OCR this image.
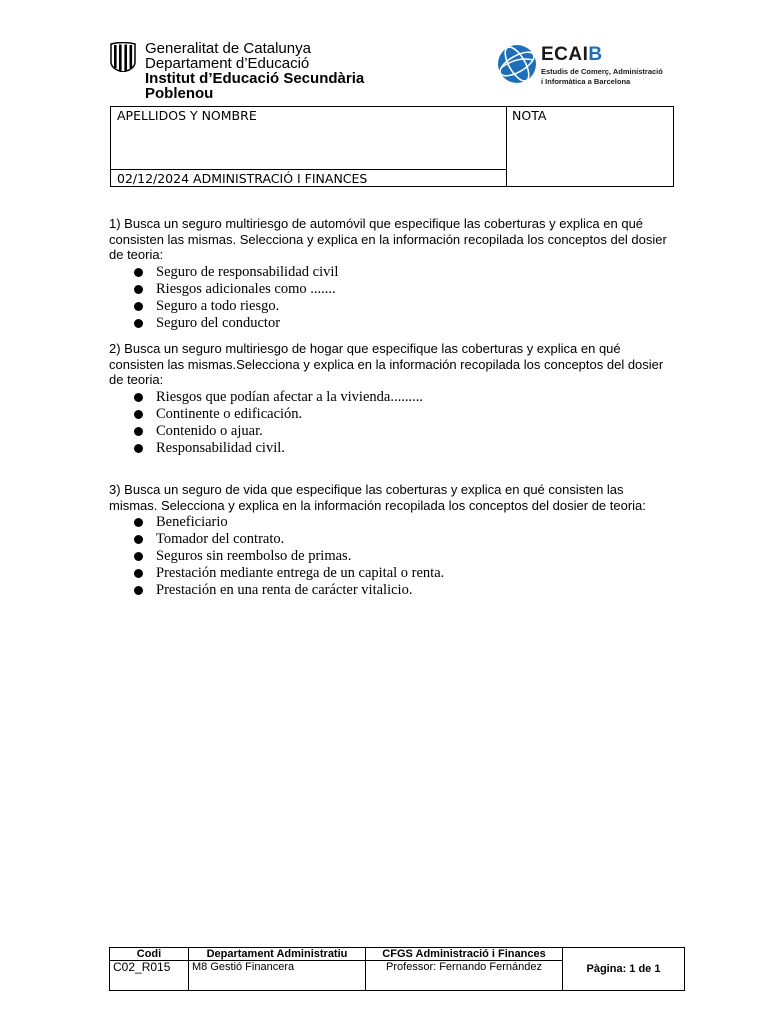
Generalitat de Catalunya
Departament d’Educació
Institut d’Educació Secundària
Poblenou
ECAIB
Estudis de Comerç, Administració
i Informàtica a Barcelona
APELLIDOS Y NOMBRE
02/12/2024 ADMINISTRACIÓ I FINANCES
NOTA

1) Busca un seguro multiriesgo de automóvil que especifique las coberturas y explica en qué consisten las mismas. Selecciona y explica en la información recopilada los conceptos del dosier de teoria:

Seguro de responsabilidad civil
Riesgos adicionales como .......
Seguro a todo riesgo.
Seguro del conductor

2) Busca un seguro multiriesgo de hogar que especifique las coberturas y explica en qué consisten las mismas.Selecciona y explica en la información recopilada los conceptos del dosier de teoria:

Riesgos que podían afectar a la vivienda.........
Continente o edificación.
Contenido o ajuar.
Responsabilidad civil.

3) Busca un seguro de vida que especifique las coberturas y explica en qué consisten las mismas. Selecciona y explica en la información recopilada los conceptos del dosier de teoria:

Beneficiario
Tomador del contrato.
Seguros sin reembolso de primas.
Prestación mediante entrega de un capital o renta.
Prestación en una renta de carácter vitalicio.
Codi	Departament Administratiu	CFGS Administració i Finances	Pàgina: 1 de 1
C02_R015	M8 Gestió Financera	Professor: Fernando Fernández	
